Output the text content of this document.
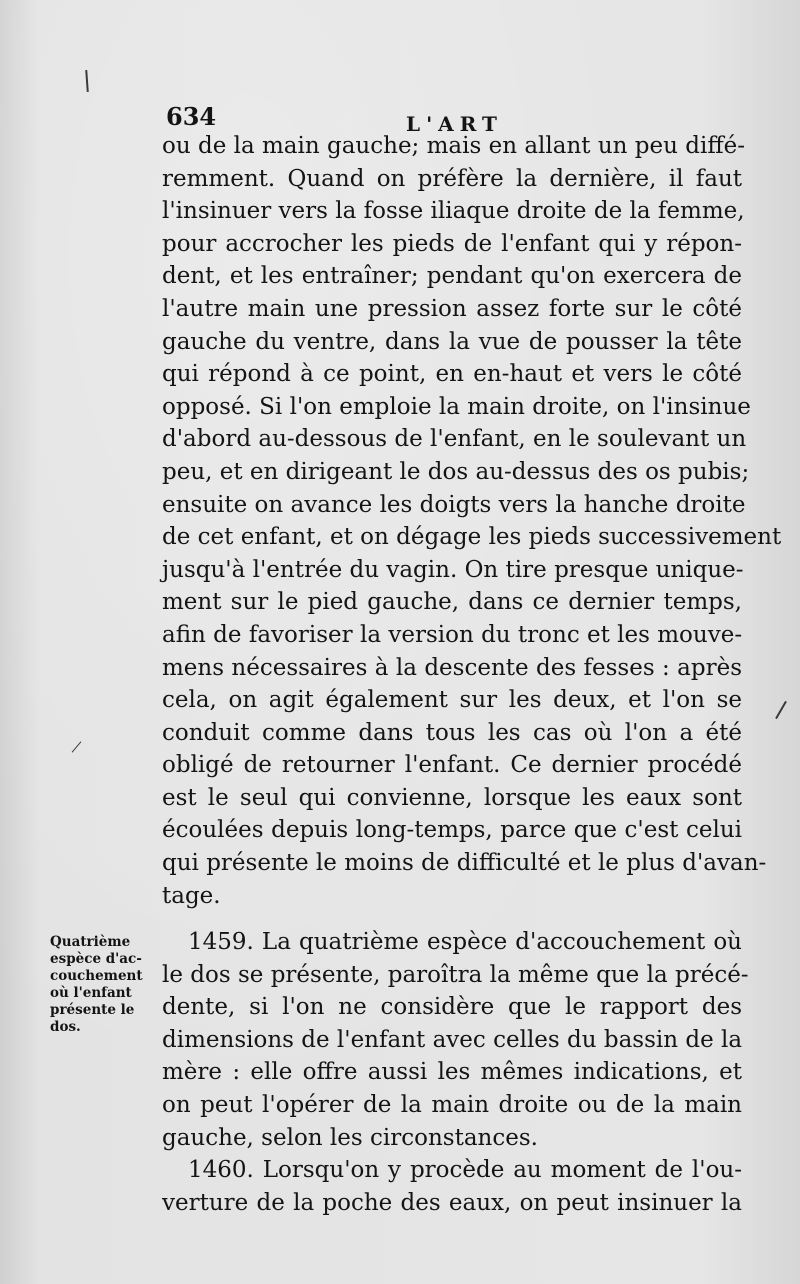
634	L'ART
ou de la main gauche; mais en allant un peu diffé-
remment. Quand on préfère la dernière, il faut
l'insinuer vers la fosse iliaque droite de la femme,
pour accrocher les pieds de l'enfant qui y répon-
dent, et les entraîner; pendant qu'on exercera de
l'autre main une pression assez forte sur le côté
gauche du ventre, dans la vue de pousser la tête
qui répond à ce point, en en-haut et vers le côté
opposé. Si l'on emploie la main droite, on l'insinue
d'abord au-dessous de l'enfant, en le soulevant un
peu, et en dirigeant le dos au-dessus des os pubis;
ensuite on avance les doigts vers la hanche droite
de cet enfant, et on dégage les pieds successivement
jusqu'à l'entrée du vagin. On tire presque unique-
ment sur le pied gauche, dans ce dernier temps,
afin de favoriser la version du tronc et les mouve-
mens nécessaires à la descente des fesses : après
cela, on agit également sur les deux, et l'on se
conduit comme dans tous les cas où l'on a été
obligé de retourner l'enfant. Ce dernier procédé
est le seul qui convienne, lorsque les eaux sont
écoulées depuis long-temps, parce que c'est celui
qui présente le moins de difficulté et le plus d'avan-
tage.
Quatrième
espèce d'ac-
couchement
où l'enfant
présente le
dos.
1459. La quatrième espèce d'accouchement où
le dos se présente, paroîtra la même que la précé-
dente, si l'on ne considère que le rapport des
dimensions de l'enfant avec celles du bassin de la
mère : elle offre aussi les mêmes indications, et
on peut l'opérer de la main droite ou de la main
gauche, selon les circonstances.
1460. Lorsqu'on y procède au moment de l'ou-
verture de la poche des eaux, on peut insinuer la
